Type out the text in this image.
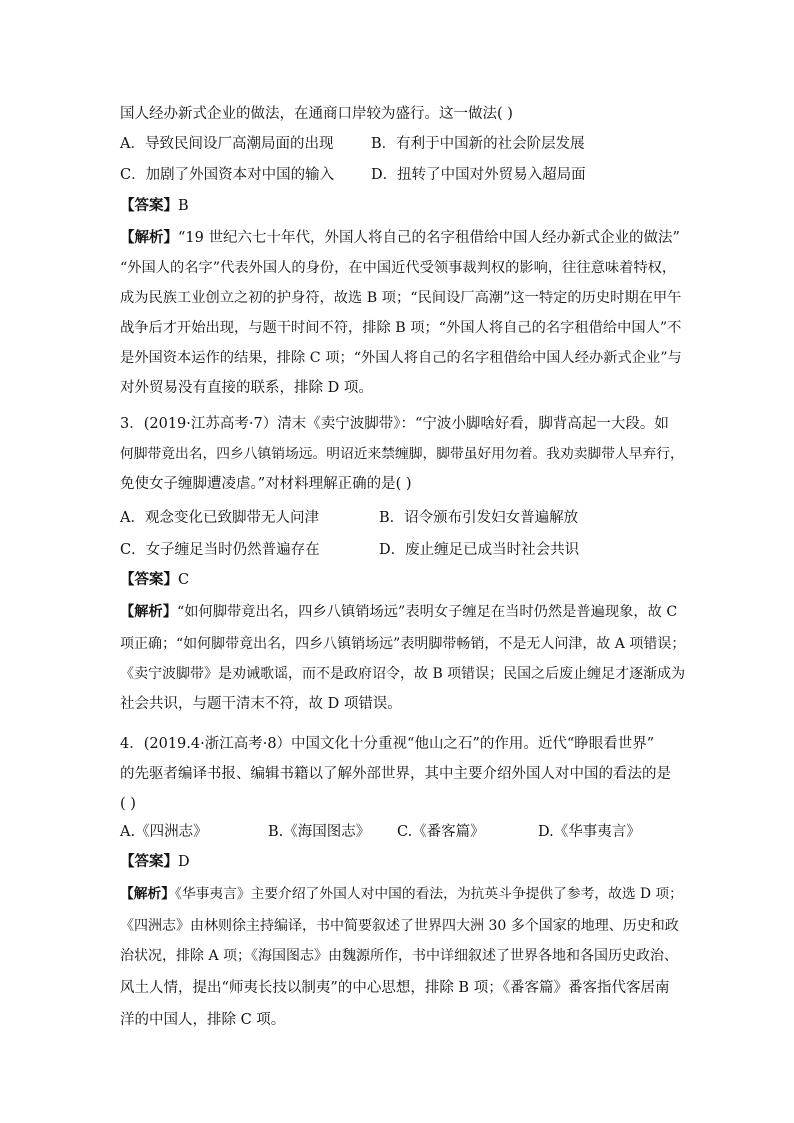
国人经办新式企业的做法，在通商口岸较为盛行。这一做法( )
A．导致民间设厂高潮局面的出现	B．有利于中国新的社会阶层发展
C．加剧了外国资本对中国的输入	D．扭转了中国对外贸易入超局面
【答案】B
【解析】“19 世纪六七十年代，外国人将自己的名字租借给中国人经办新式企业的做法”
“外国人的名字”代表外国人的身份，在中国近代受领事裁判权的影响，往往意味着特权，
成为民族工业创立之初的护身符，故选 B 项；“民间设厂高潮”这一特定的历史时期在甲午
战争后才开始出现，与题干时间不符，排除 B 项；“外国人将自己的名字租借给中国人”不
是外国资本运作的结果，排除 C 项；“外国人将自己的名字租借给中国人经办新式企业”与
对外贸易没有直接的联系，排除 D 项。
3．(2019·江苏高考·7）清末《卖宁波脚带》：“宁波小脚啥好看，脚背高起一大段。如
何脚带竟出名，四乡八镇销场远。明诏近来禁缠脚，脚带虽好用勿着。我劝卖脚带人早弃行，
免使女子缠脚遭凌虐。”对材料理解正确的是( )
A．观念变化已致脚带无人问津	B．诏令颁布引发妇女普遍解放
C．女子缠足当时仍然普遍存在	D．废止缠足已成当时社会共识
【答案】C
【解析】“如何脚带竟出名，四乡八镇销场远”表明女子缠足在当时仍然是普遍现象，故 C
项正确；“如何脚带竟出名，四乡八镇销场远”表明脚带畅销，不是无人问津，故 A 项错误；
《卖宁波脚带》是劝诫歌谣，而不是政府诏令，故 B 项错误；民国之后废止缠足才逐渐成为
社会共识，与题干清末不符，故 D 项错误。
4．(2019.4·浙江高考·8）中国文化十分重视“他山之石”的作用。近代“睁眼看世界”
的先驱者编译书报、编辑书籍以了解外部世界，其中主要介绍外国人对中国的看法的是
( )
A.《四洲志》	B.《海国图志》 C.《番客篇》	D.《华事夷言》
【答案】D
【解析】《华事夷言》主要介绍了外国人对中国的看法，为抗英斗争提供了参考，故选 D 项；
《四洲志》由林则徐主持编译，书中简要叙述了世界四大洲 30 多个国家的地理、历史和政
治状况，排除 A 项；《海国图志》由魏源所作，书中详细叙述了世界各地和各国历史政治、
风土人情，提出“师夷长技以制夷”的中心思想，排除 B 项；《番客篇》番客指代客居南
洋的中国人，排除 C 项。
